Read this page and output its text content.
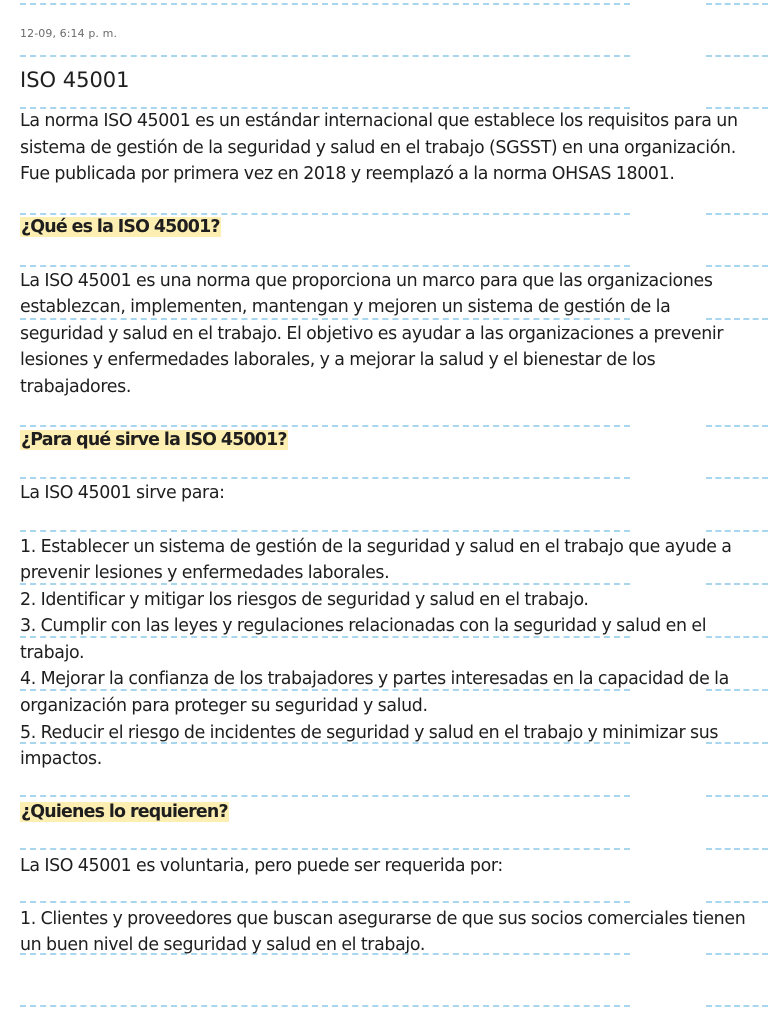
12-09, 6:14 p. m.
ISO 45001

La norma ISO 45001 es un estándar internacional que establece los requisitos para un sistema de gestión de la seguridad y salud en el trabajo (SGSST) en una organización. Fue publicada por primera vez en 2018 y reemplazó a la norma OHSAS 18001.

¿Qué es la ISO 45001?

La ISO 45001 es una norma que proporciona un marco para que las organizaciones establezcan, implementen, mantengan y mejoren un sistema de gestión de la seguridad y salud en el trabajo. El objetivo es ayudar a las organizaciones a prevenir lesiones y enfermedades laborales, y a mejorar la salud y el bienestar de los trabajadores.

¿Para qué sirve la ISO 45001?

La ISO 45001 sirve para:

1. Establecer un sistema de gestión de la seguridad y salud en el trabajo que ayude a prevenir lesiones y enfermedades laborales.

2. Identificar y mitigar los riesgos de seguridad y salud en el trabajo.

3. Cumplir con las leyes y regulaciones relacionadas con la seguridad y salud en el trabajo.

4. Mejorar la confianza de los trabajadores y partes interesadas en la capacidad de la organización para proteger su seguridad y salud.

5. Reducir el riesgo de incidentes de seguridad y salud en el trabajo y minimizar sus impactos.

¿Quienes lo requieren?

La ISO 45001 es voluntaria, pero puede ser requerida por:

1. Clientes y proveedores que buscan asegurarse de que sus socios comerciales tienen un buen nivel de seguridad y salud en el trabajo.
